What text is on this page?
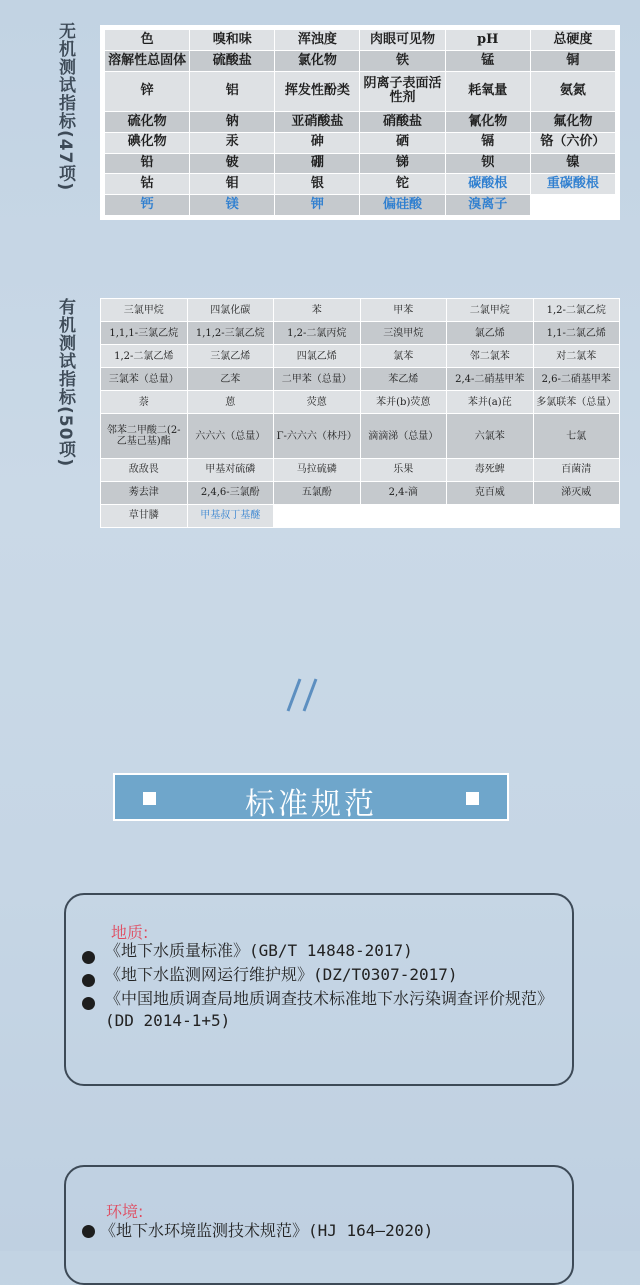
无机测试指标(47项)	色	嗅和味	浑浊度	肉眼可见物	pH	总硬度
溶解性总固体	硫酸盐	氯化物	铁	锰	铜
锌	铝	挥发性酚类	阴离子表面活性剂	耗氧量	氨氮
硫化物	钠	亚硝酸盐	硝酸盐	氰化物	氟化物
碘化物	汞	砷	硒	镉	铬（六价）
铅	铍	硼	锑	钡	镍
钴	钼	银	铊	碳酸根	重碳酸根
钙	镁	钾	偏硅酸	溴离子	
有机测试指标(50项)	三氯甲烷	四氯化碳	苯	甲苯	二氯甲烷	1,2-二氯乙烷
1,1,1-三氯乙烷	1,1,2-三氯乙烷	1,2-二氯丙烷	三溴甲烷	氯乙烯	1,1-二氯乙烯
1,2-二氯乙烯	三氯乙烯	四氯乙烯	氯苯	邻二氯苯	对二氯苯
三氯苯（总量）	乙苯	二甲苯（总量）	苯乙烯	2,4-二硝基甲苯	2,6-二硝基甲苯
萘	蒽	荧蒽	苯并(b)荧蒽	苯并(a)芘	多氯联苯（总量）
邻苯二甲酸二(2-乙基己基)酯	六六六（总量）	Γ-六六六（林丹）	滴滴涕（总量）	六氯苯	七氯
敌敌畏	甲基对硫磷	马拉硫磷	乐果	毒死蜱	百菌清
莠去津	2,4,6-三氯酚	五氯酚	2,4-滴	克百威	涕灭威
草甘膦	甲基叔丁基醚				
标准规范
地质:
《地下水质量标准》(GB/T 14848-2017)
《地下水监测网运行维护规》(DZ/T0307-2017)
《中国地质调查局地质调查技术标准地下水污染调查评价规范》(DD 2014-1+5)
环境:
《地下水环境监测技术规范》(HJ 164—2020)
